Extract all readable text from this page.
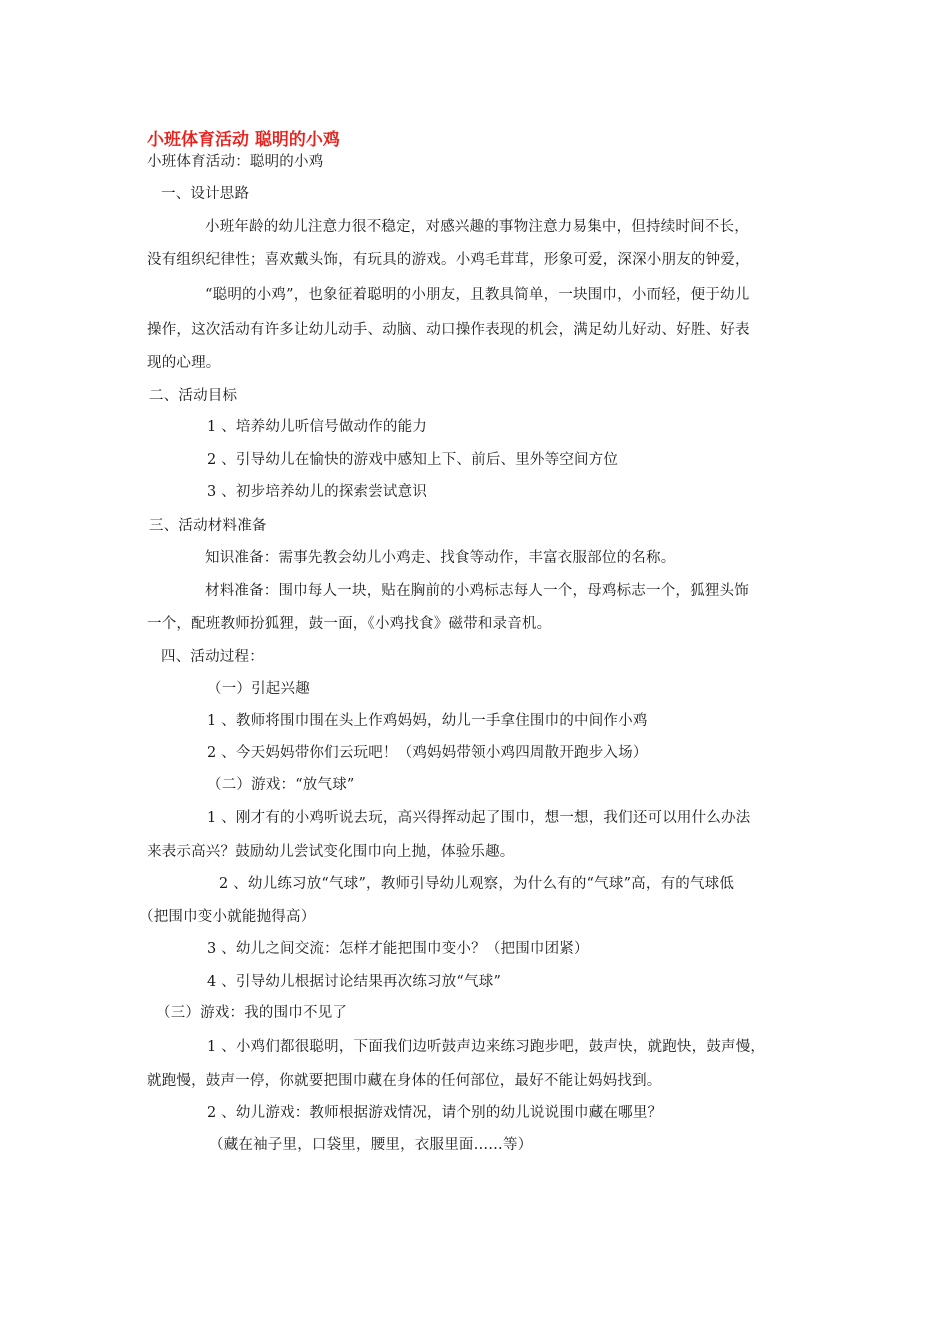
小班体育活动 聪明的小鸡
小班体育活动：聪明的小鸡
一、设计思路
小班年龄的幼儿注意力很不稳定，对感兴趣的事物注意力易集中，但持续时间不长，
没有组织纪律性；喜欢戴头饰，有玩具的游戏。小鸡毛茸茸，形象可爱，深深小朋友的钟爱，
“聪明的小鸡”，也象征着聪明的小朋友，且教具简单，一块围巾，小而轻，便于幼儿
操作，这次活动有许多让幼儿动手、动脑、动口操作表现的机会，满足幼儿好动、好胜、好表
现的心理。
二、活动目标
1 、培养幼儿听信号做动作的能力
2 、引导幼儿在愉快的游戏中感知上下、前后、里外等空间方位
3 、初步培养幼儿的探索尝试意识
三、活动材料准备
知识准备：需事先教会幼儿小鸡走、找食等动作，丰富衣服部位的名称。
材料准备：围巾每人一块，贴在胸前的小鸡标志每人一个，母鸡标志一个，狐狸头饰
一个，配班教师扮狐狸，鼓一面，《小鸡找食》磁带和录音机。
四、活动过程：
（一）引起兴趣
1 、教师将围巾围在头上作鸡妈妈，幼儿一手拿住围巾的中间作小鸡
2 、今天妈妈带你们云玩吧！（鸡妈妈带领小鸡四周散开跑步入场）
（二）游戏：“放气球”
1 、刚才有的小鸡听说去玩，高兴得挥动起了围巾，想一想，我们还可以用什么办法
来表示高兴？鼓励幼儿尝试变化围巾向上抛，体验乐趣。
2 、幼儿练习放“气球”，教师引导幼儿观察，为什么有的“气球”高，有的气球低
（把围巾变小就能抛得高）
3 、幼儿之间交流：怎样才能把围巾变小？（把围巾团紧）
4 、引导幼儿根据讨论结果再次练习放“气球”
（三）游戏：我的围巾不见了
1 、小鸡们都很聪明，下面我们边听鼓声边来练习跑步吧，鼓声快，就跑快，鼓声慢，
就跑慢，鼓声一停，你就要把围巾藏在身体的任何部位，最好不能让妈妈找到。
2 、幼儿游戏：教师根据游戏情况，请个别的幼儿说说围巾藏在哪里？
（藏在袖子里，口袋里，腰里，衣服里面……等）
